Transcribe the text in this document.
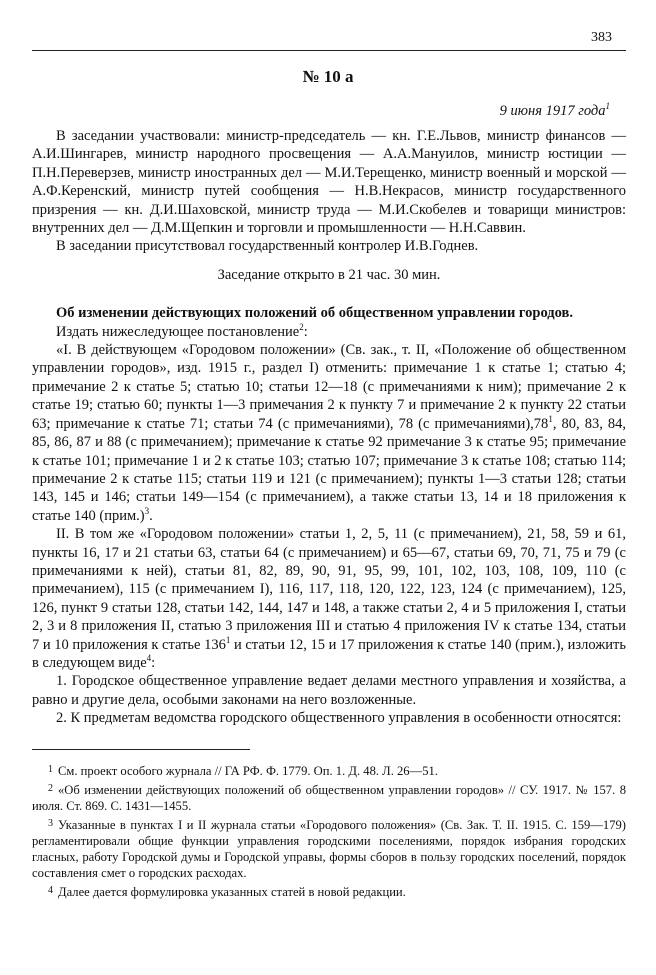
383
№ 10 а
9 июня 1917 года$^1$

В заседании участвовали: министр-председатель — кн. Г.Е.Львов, министр финансов — А.И.Шингарев, министр народного просвещения — А.А.Мануилов, министр юстиции — П.Н.Переверзев, министр иностранных дел — М.И.Терещенко, министр военный и морской — А.Ф.Керенский, министр путей сообщения — Н.В.Некрасов, министр государственного призрения — кн. Д.И.Шаховской, министр труда — М.И.Скобелев и товарищи министров: внутренних дел — Д.М.Щепкин и торговли и промышленности — Н.Н.Саввин.

В заседании присутствовал государственный контролер И.В.Годнев.

Заседание открыто в 21 час. 30 мин.

Об изменении действующих положений об общественном управлении городов.

Издать нижеследующее постановление$^2$:

«I. В действующем «Городовом положении» (Св. зак., т. II, «Положение об общественном управлении городов», изд. 1915 г., раздел I) отменить: примечание 1 к статье 1; статью 4; примечание 2 к статье 5; статью 10; статьи 12—18 (с примечаниями к ним); примечание 2 к статье 19; статью 60; пункты 1—3 примечания 2 к пункту 7 и примечание 2 к пункту 22 статьи 63; примечание к статье 71; статьи 74 (с примечаниями), 78 (с $примечаниями),78^1$, 80, 83, 84, 85, 86, 87 и 88 (с примечанием); примечание к статье 92 примечание 3 к статье 95; примечание к статье 101; примечание 1 и 2 к статье 103; статью 107; примечание 3 к статье 108; статью 114; примечание 2 к статье 115; статьи 119 и 121 (с примечанием); пункты 1—3 статьи 128; статьи 143, 145 и 146; статьи 149—154 (с примечанием), а также статьи 13, 14 и 18 приложения к статье 140 (прим.)$^3$.

II. В том же «Городовом положении» статьи 1, 2, 5, 11 (с примечанием), 21, 58, 59 и 61, пункты 16, 17 и 21 статьи 63, статьи 64 (с примечанием) и 65—67, статьи 69, 70, 71, 75 и 79 (с примечаниями к ней), статьи 81, 82, 89, 90, 91, 95, 99, 101, 102, 103, 108, 109, 110 (с примечанием), 115 (с примечанием I), 116, 117, 118, 120, 122, 123, 124 (с примечанием), 125, 126, пункт 9 статьи 128, статьи 142, 144, 147 и 148, а также статьи 2, 4 и 5 приложения I, статьи 2, 3 и 8 приложения II, статью 3 приложения III и статью 4 приложения IV к статье 134, статьи 7 и 10 приложения к статье $136^1$ и статьи 12, 15 и 17 приложения к статье 140 (прим.), изложить в следующем виде$^4$:

1. Городское общественное управление ведает делами местного управления и хозяйства, а равно и другие дела, особыми законами на него возложенные.

2. К предметам ведомства городского общественного управления в особенности относятся:

$^1$ См. проект особого журнала // ГА РФ. Ф. 1779. Оп. 1. Д. 48. Л. 26—51.

$^2$ «Об изменении действующих положений об общественном управлении городов» // СУ. 1917. № 157. 8 июля. Ст. 869. С. 1431—1455.

$^3$ Указанные в пунктах I и II журнала статьи «Городового положения» (Св. Зак. Т. II. 1915. С. 159—179) регламентировали общие функции управления городскими поселениями, порядок избрания городских гласных, работу Городской думы и Городской управы, формы сборов в пользу городских поселений, порядок составления смет о городских расходах.

$^4$ Далее дается формулировка указанных статей в новой редакции.
